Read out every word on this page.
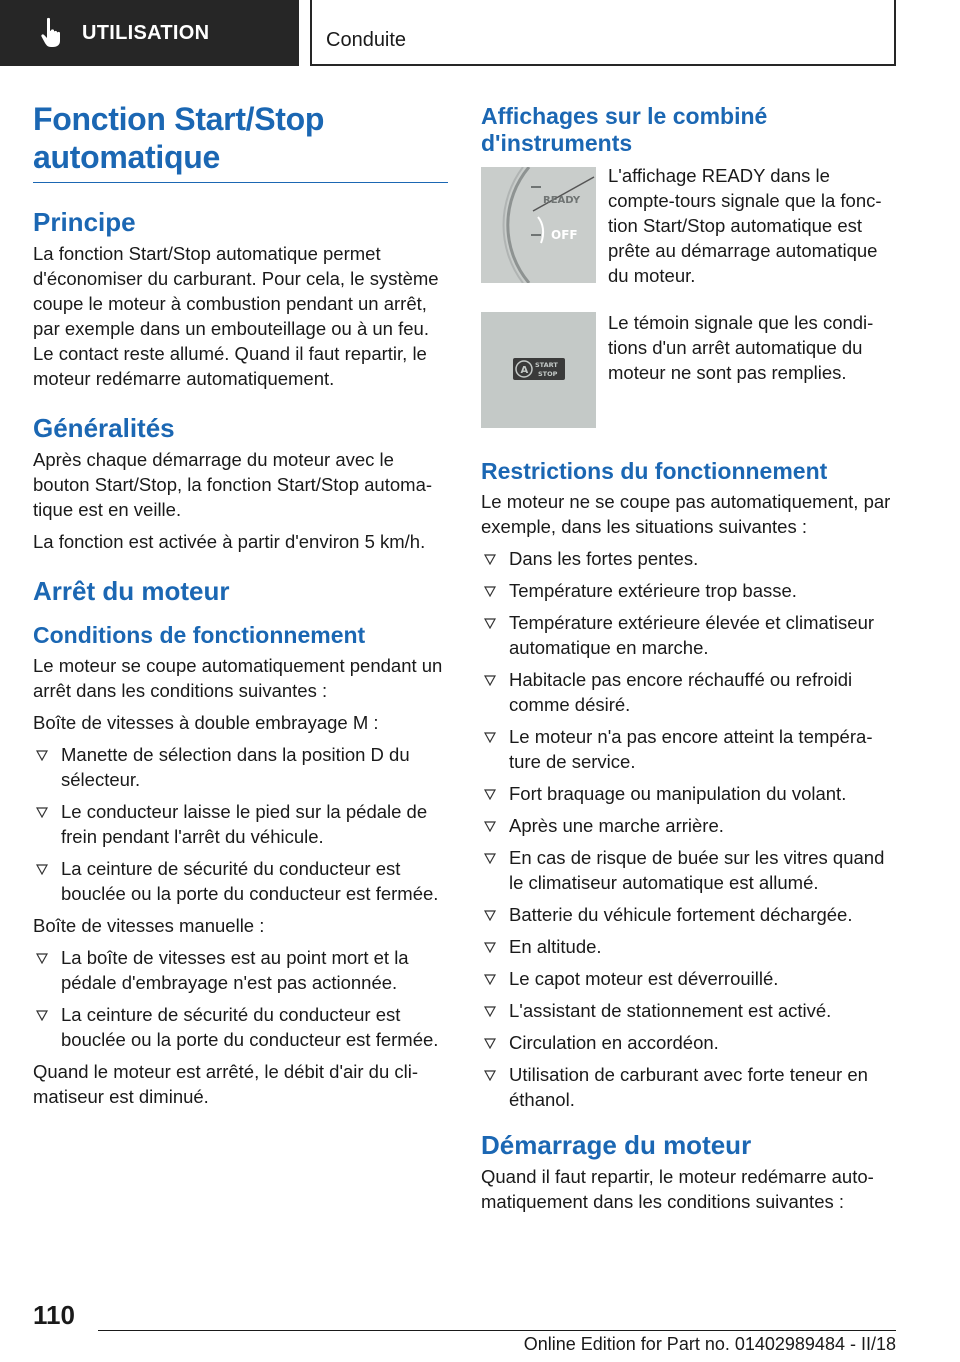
UTILISATION	Conduite
Fonction Start/Stop automatique
Principe

La fonction Start/Stop automatique permet d'économiser du carburant. Pour cela, le système coupe le moteur à combustion pendant un arrêt, par exemple dans un embouteillage ou à un feu. Le contact reste allumé. Quand il faut repartir, le moteur redémarre automatiquement.

Généralités

Après chaque démarrage du moteur avec le bouton Start/Stop, la fonction Start/Stop automatique est en veille.

La fonction est activée à partir d'environ 5 km/h.

Arrêt du moteur
Conditions de fonctionnement

Le moteur se coupe automatiquement pendant un arrêt dans les conditions suivantes :

Boîte de vitesses à double embrayage M :

Manette de sélection dans la position D du sélecteur.
Le conducteur laisse le pied sur la pédale de frein pendant l'arrêt du véhicule.
La ceinture de sécurité du conducteur est bouclée ou la porte du conducteur est fermée.

Boîte de vitesses manuelle :

La boîte de vitesses est au point mort et la pédale d'embrayage n'est pas actionnée.
La ceinture de sécurité du conducteur est bouclée ou la porte du conducteur est fermée.

Quand le moteur est arrêté, le débit d'air du climatiseur est diminué.

Affichages sur le combiné d'instruments
READY
OFF
L'affichage READY dans le compte-tours signale que la fonction Start/Stop automatique est prête au démarrage automatique du moteur.
A START
STOP
Le témoin signale que les conditions d'un arrêt automatique du moteur ne sont pas remplies.
Restrictions du fonctionnement

Le moteur ne se coupe pas automatiquement, par exemple, dans les situations suivantes :

Dans les fortes pentes.
Température extérieure trop basse.
Température extérieure élevée et climatiseur automatique en marche.
Habitacle pas encore réchauffé ou refroidi comme désiré.
Le moteur n'a pas encore atteint la température de service.
Fort braquage ou manipulation du volant.
Après une marche arrière.
En cas de risque de buée sur les vitres quand le climatiseur automatique est allumé.
Batterie du véhicule fortement déchargée.
En altitude.
Le capot moteur est déverrouillé.
L'assistant de stationnement est activé.
Circulation en accordéon.
Utilisation de carburant avec forte teneur en éthanol.
Démarrage du moteur

Quand il faut repartir, le moteur redémarre automatiquement dans les conditions suivantes :

110
Online Edition for Part no. 01402989484 - II/18
